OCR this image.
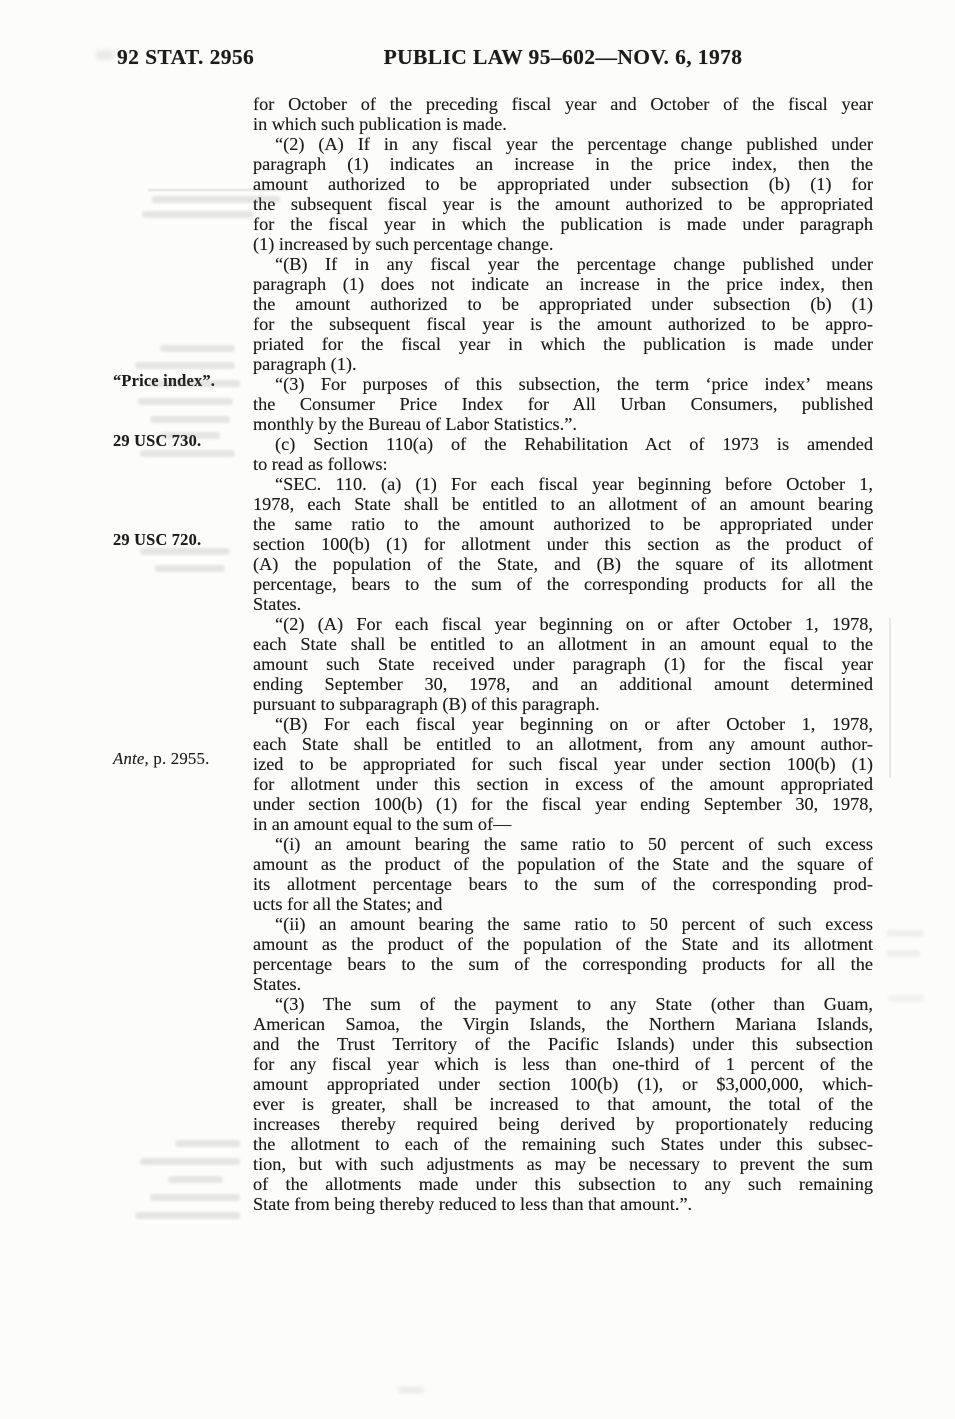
92 STAT. 2956	PUBLIC LAW 95–602—NOV. 6, 1978
“Price index”.
29 USC 730.
29 USC 720.
Ante, p. 2955.
for October of the preceding fiscal year and October of the fiscal year
in which such publication is made.
“(2) (A) If in any fiscal year the percentage change published under
paragraph (1) indicates an increase in the price index, then the
amount authorized to be appropriated under subsection (b) (1) for
the subsequent fiscal year is the amount authorized to be appropriated
for the fiscal year in which the publication is made under paragraph
(1) increased by such percentage change.
“(B) If in any fiscal year the percentage change published under
paragraph (1) does not indicate an increase in the price index, then
the amount authorized to be appropriated under subsection (b) (1)
for the subsequent fiscal year is the amount authorized to be appro-
priated for the fiscal year in which the publication is made under
paragraph (1).
“(3) For purposes of this subsection, the term ‘price index’ means
the Consumer Price Index for All Urban Consumers, published
monthly by the Bureau of Labor Statistics.”.
(c) Section 110(a) of the Rehabilitation Act of 1973 is amended
to read as follows:
“SEC. 110. (a) (1) For each fiscal year beginning before October 1,
1978, each State shall be entitled to an allotment of an amount bearing
the same ratio to the amount authorized to be appropriated under
section 100(b) (1) for allotment under this section as the product of
(A) the population of the State, and (B) the square of its allotment
percentage, bears to the sum of the corresponding products for all the
States.
“(2) (A) For each fiscal year beginning on or after October 1, 1978,
each State shall be entitled to an allotment in an amount equal to the
amount such State received under paragraph (1) for the fiscal year
ending September 30, 1978, and an additional amount determined
pursuant to subparagraph (B) of this paragraph.
“(B) For each fiscal year beginning on or after October 1, 1978,
each State shall be entitled to an allotment, from any amount author-
ized to be appropriated for such fiscal year under section 100(b) (1)
for allotment under this section in excess of the amount appropriated
under section 100(b) (1) for the fiscal year ending September 30, 1978,
in an amount equal to the sum of—
“(i) an amount bearing the same ratio to 50 percent of such excess
amount as the product of the population of the State and the square of
its allotment percentage bears to the sum of the corresponding prod-
ucts for all the States; and
“(ii) an amount bearing the same ratio to 50 percent of such excess
amount as the product of the population of the State and its allotment
percentage bears to the sum of the corresponding products for all the
States.
“(3) The sum of the payment to any State (other than Guam,
American Samoa, the Virgin Islands, the Northern Mariana Islands,
and the Trust Territory of the Pacific Islands) under this subsection
for any fiscal year which is less than one-third of 1 percent of the
amount appropriated under section 100(b) (1), or $3,000,000, which-
ever is greater, shall be increased to that amount, the total of the
increases thereby required being derived by proportionately reducing
the allotment to each of the remaining such States under this subsec-
tion, but with such adjustments as may be necessary to prevent the sum
of the allotments made under this subsection to any such remaining
State from being thereby reduced to less than that amount.”.
